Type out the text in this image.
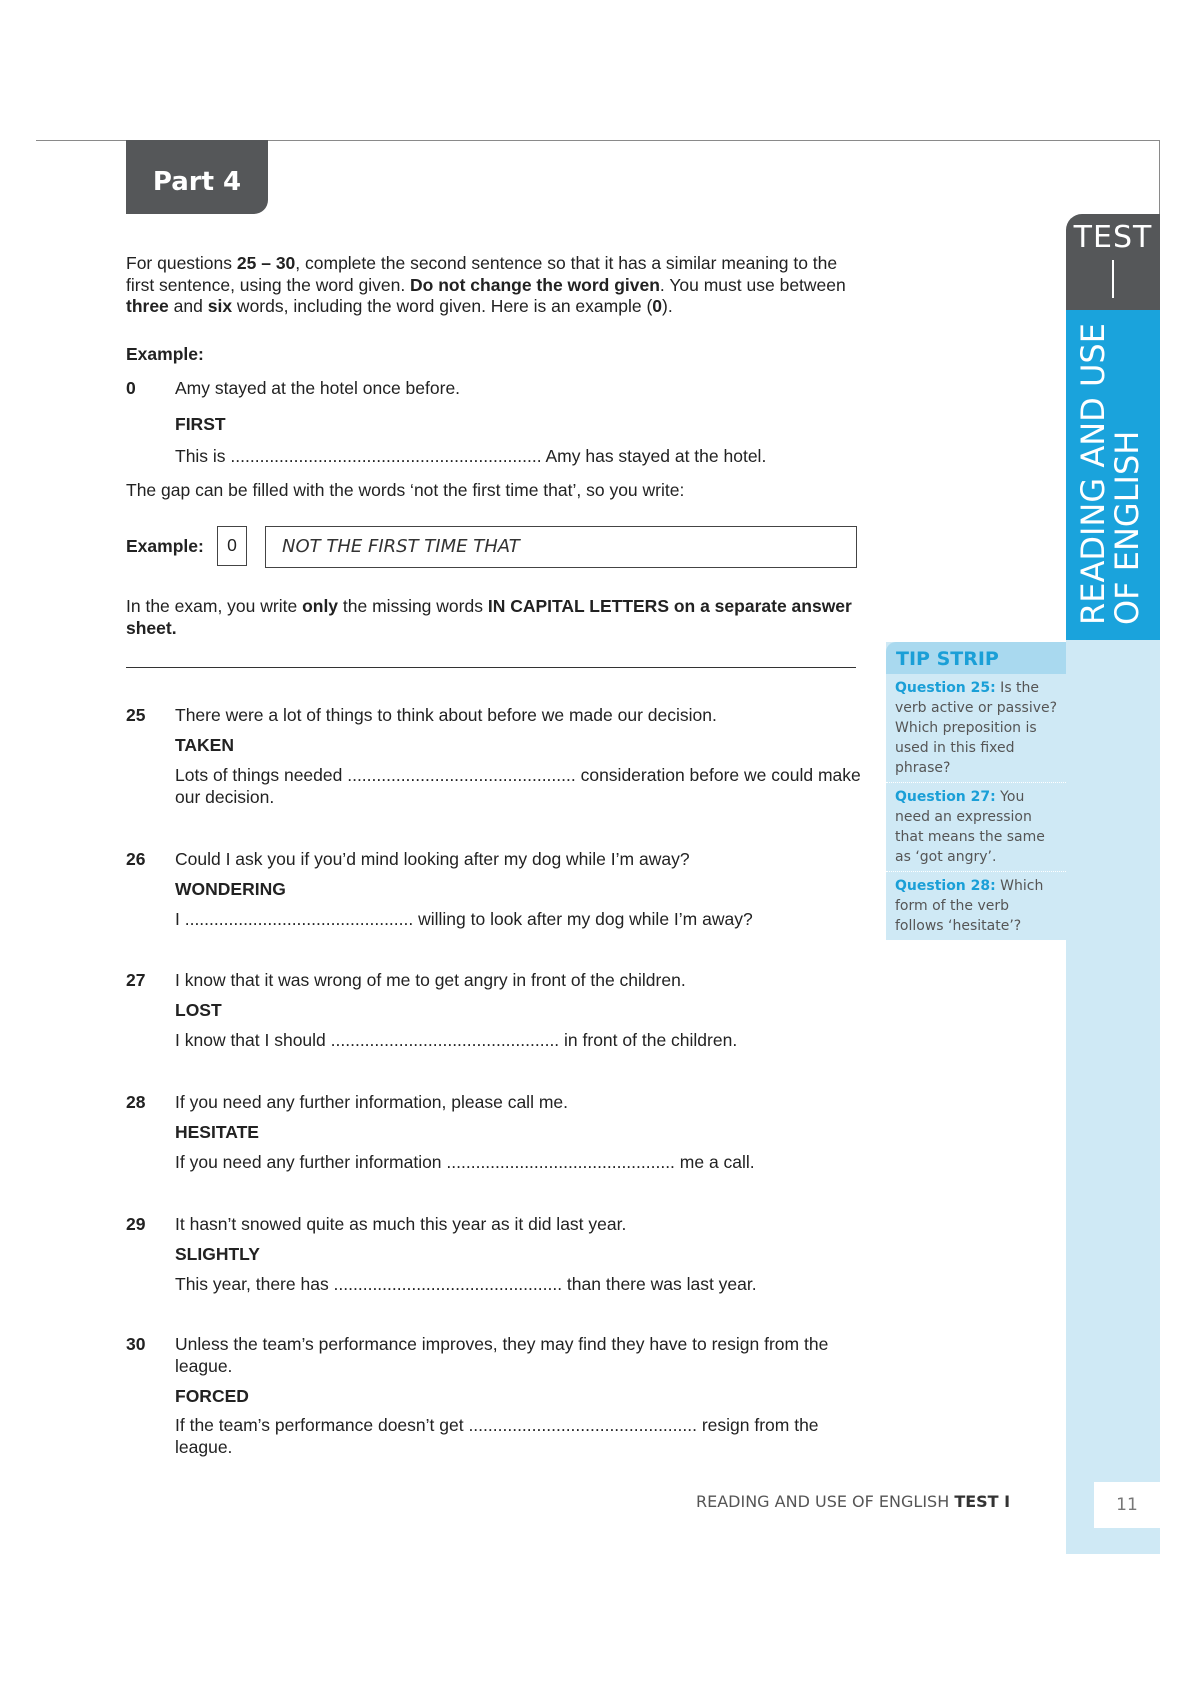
Part 4
For questions 25 – 30, complete the second sentence so that it has a similar meaning to the first sentence, using the word given. Do not change the word given. You must use between three and six words, including the word given. Here is an example (0).
Example:
0 Amy stayed at the hotel once before.
FIRST
This is ................................................................ Amy has stayed at the hotel.
The gap can be filled with the words ‘not the first time that’, so you write:
Example:	0	NOT THE FIRST TIME THAT
In the exam, you write only the missing words IN CAPITAL LETTERS on a separate answer sheet.
25 There were a lot of things to think about before we made our decision.
TAKEN
Lots of things needed ............................................... consideration before we could make our decision.
26 Could I ask you if you’d mind looking after my dog while I’m away?
WONDERING
I ............................................... willing to look after my dog while I’m away?
27 I know that it was wrong of me to get angry in front of the children.
LOST
I know that I should ............................................... in front of the children.
28 If you need any further information, please call me.
HESITATE
If you need any further information ............................................... me a call.
29 It hasn’t snowed quite as much this year as it did last year.
SLIGHTLY
This year, there has ............................................... than there was last year.
30 Unless the team’s performance improves, they may find they have to resign from the league.
FORCED
If the team’s performance doesn’t get ............................................... resign from the league.
READING AND USE
OF ENGLISH
TEST
TIP STRIP
Question 25: Is the verb active or passive? Which preposition is used in this fixed phrase?
Question 27: You need an expression that means the same as ‘got angry’.
Question 28: Which form of the verb follows ‘hesitate’?
READING AND USE OF ENGLISH TEST I	11
